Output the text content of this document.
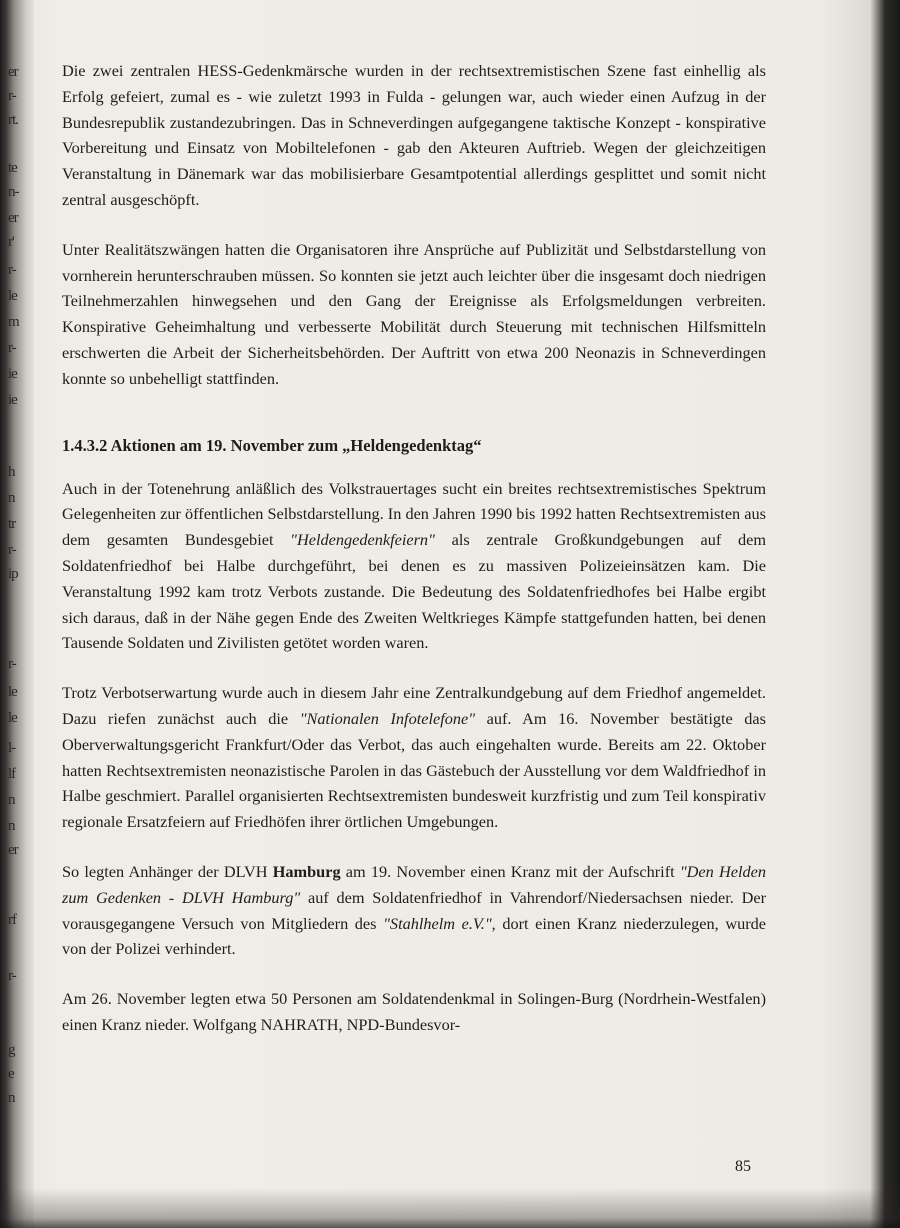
er
r-
rt.
te
n-
er
r'
r-
le
m
r-
ie
ie
h
n
tr
r-
ip
r-
le
le
l-
lf
n
n
er
rf
r-
g
e
n

Die zwei zentralen HESS-Gedenkmärsche wurden in der rechtsextremistischen Szene fast einhellig als Erfolg gefeiert, zumal es - wie zuletzt 1993 in Fulda - gelungen war, auch wieder einen Aufzug in der Bundesrepublik zustandezubringen. Das in Schneverdingen aufgegangene taktische Konzept - konspirative Vorbereitung und Einsatz von Mobiltelefonen - gab den Akteuren Auftrieb. Wegen der gleichzeitigen Veranstaltung in Dänemark war das mobilisierbare Gesamtpotential allerdings gesplittet und somit nicht zentral ausgeschöpft.

Unter Realitätszwängen hatten die Organisatoren ihre Ansprüche auf Publizität und Selbstdarstellung von vornherein herunterschrauben müssen. So konnten sie jetzt auch leichter über die insgesamt doch niedrigen Teilnehmerzahlen hinwegsehen und den Gang der Ereignisse als Erfolgsmeldungen verbreiten. Konspirative Geheimhaltung und verbesserte Mobilität durch Steuerung mit technischen Hilfsmitteln erschwerten die Arbeit der Sicherheitsbehörden. Der Auftritt von etwa 200 Neonazis in Schneverdingen konnte so unbehelligt stattfinden.

1.4.3.2 Aktionen am 19. November zum „Heldengedenktag“

Auch in der Totenehrung anläßlich des Volkstrauertages sucht ein breites rechtsextremistisches Spektrum Gelegenheiten zur öffentlichen Selbstdarstellung. In den Jahren 1990 bis 1992 hatten Rechtsextremisten aus dem gesamten Bundesgebiet "Heldengedenkfeiern" als zentrale Großkundgebungen auf dem Soldatenfriedhof bei Halbe durchgeführt, bei denen es zu massiven Polizeieinsätzen kam. Die Veranstaltung 1992 kam trotz Verbots zustande. Die Bedeutung des Soldatenfriedhofes bei Halbe ergibt sich daraus, daß in der Nähe gegen Ende des Zweiten Weltkrieges Kämpfe stattgefunden hatten, bei denen Tausende Soldaten und Zivilisten getötet worden waren.

Trotz Verbotserwartung wurde auch in diesem Jahr eine Zentralkundgebung auf dem Friedhof angemeldet. Dazu riefen zunächst auch die "Nationalen Infotelefone" auf. Am 16. November bestätigte das Oberverwaltungsgericht Frankfurt/Oder das Verbot, das auch eingehalten wurde. Bereits am 22. Oktober hatten Rechtsextremisten neonazistische Parolen in das Gästebuch der Ausstellung vor dem Waldfriedhof in Halbe geschmiert. Parallel organisierten Rechtsextremisten bundesweit kurzfristig und zum Teil konspirativ regionale Ersatzfeiern auf Friedhöfen ihrer örtlichen Umgebungen.

So legten Anhänger der DLVH Hamburg am 19. November einen Kranz mit der Aufschrift "Den Helden zum Gedenken - DLVH Hamburg" auf dem Soldatenfriedhof in Vahrendorf/Niedersachsen nieder. Der vorausgegangene Versuch von Mitgliedern des "Stahlhelm e.V.", dort einen Kranz niederzulegen, wurde von der Polizei verhindert.

Am 26. November legten etwa 50 Personen am Soldatendenkmal in Solingen-Burg (Nordrhein-Westfalen) einen Kranz nieder. Wolfgang NAHRATH, NPD-Bundesvor-

85
